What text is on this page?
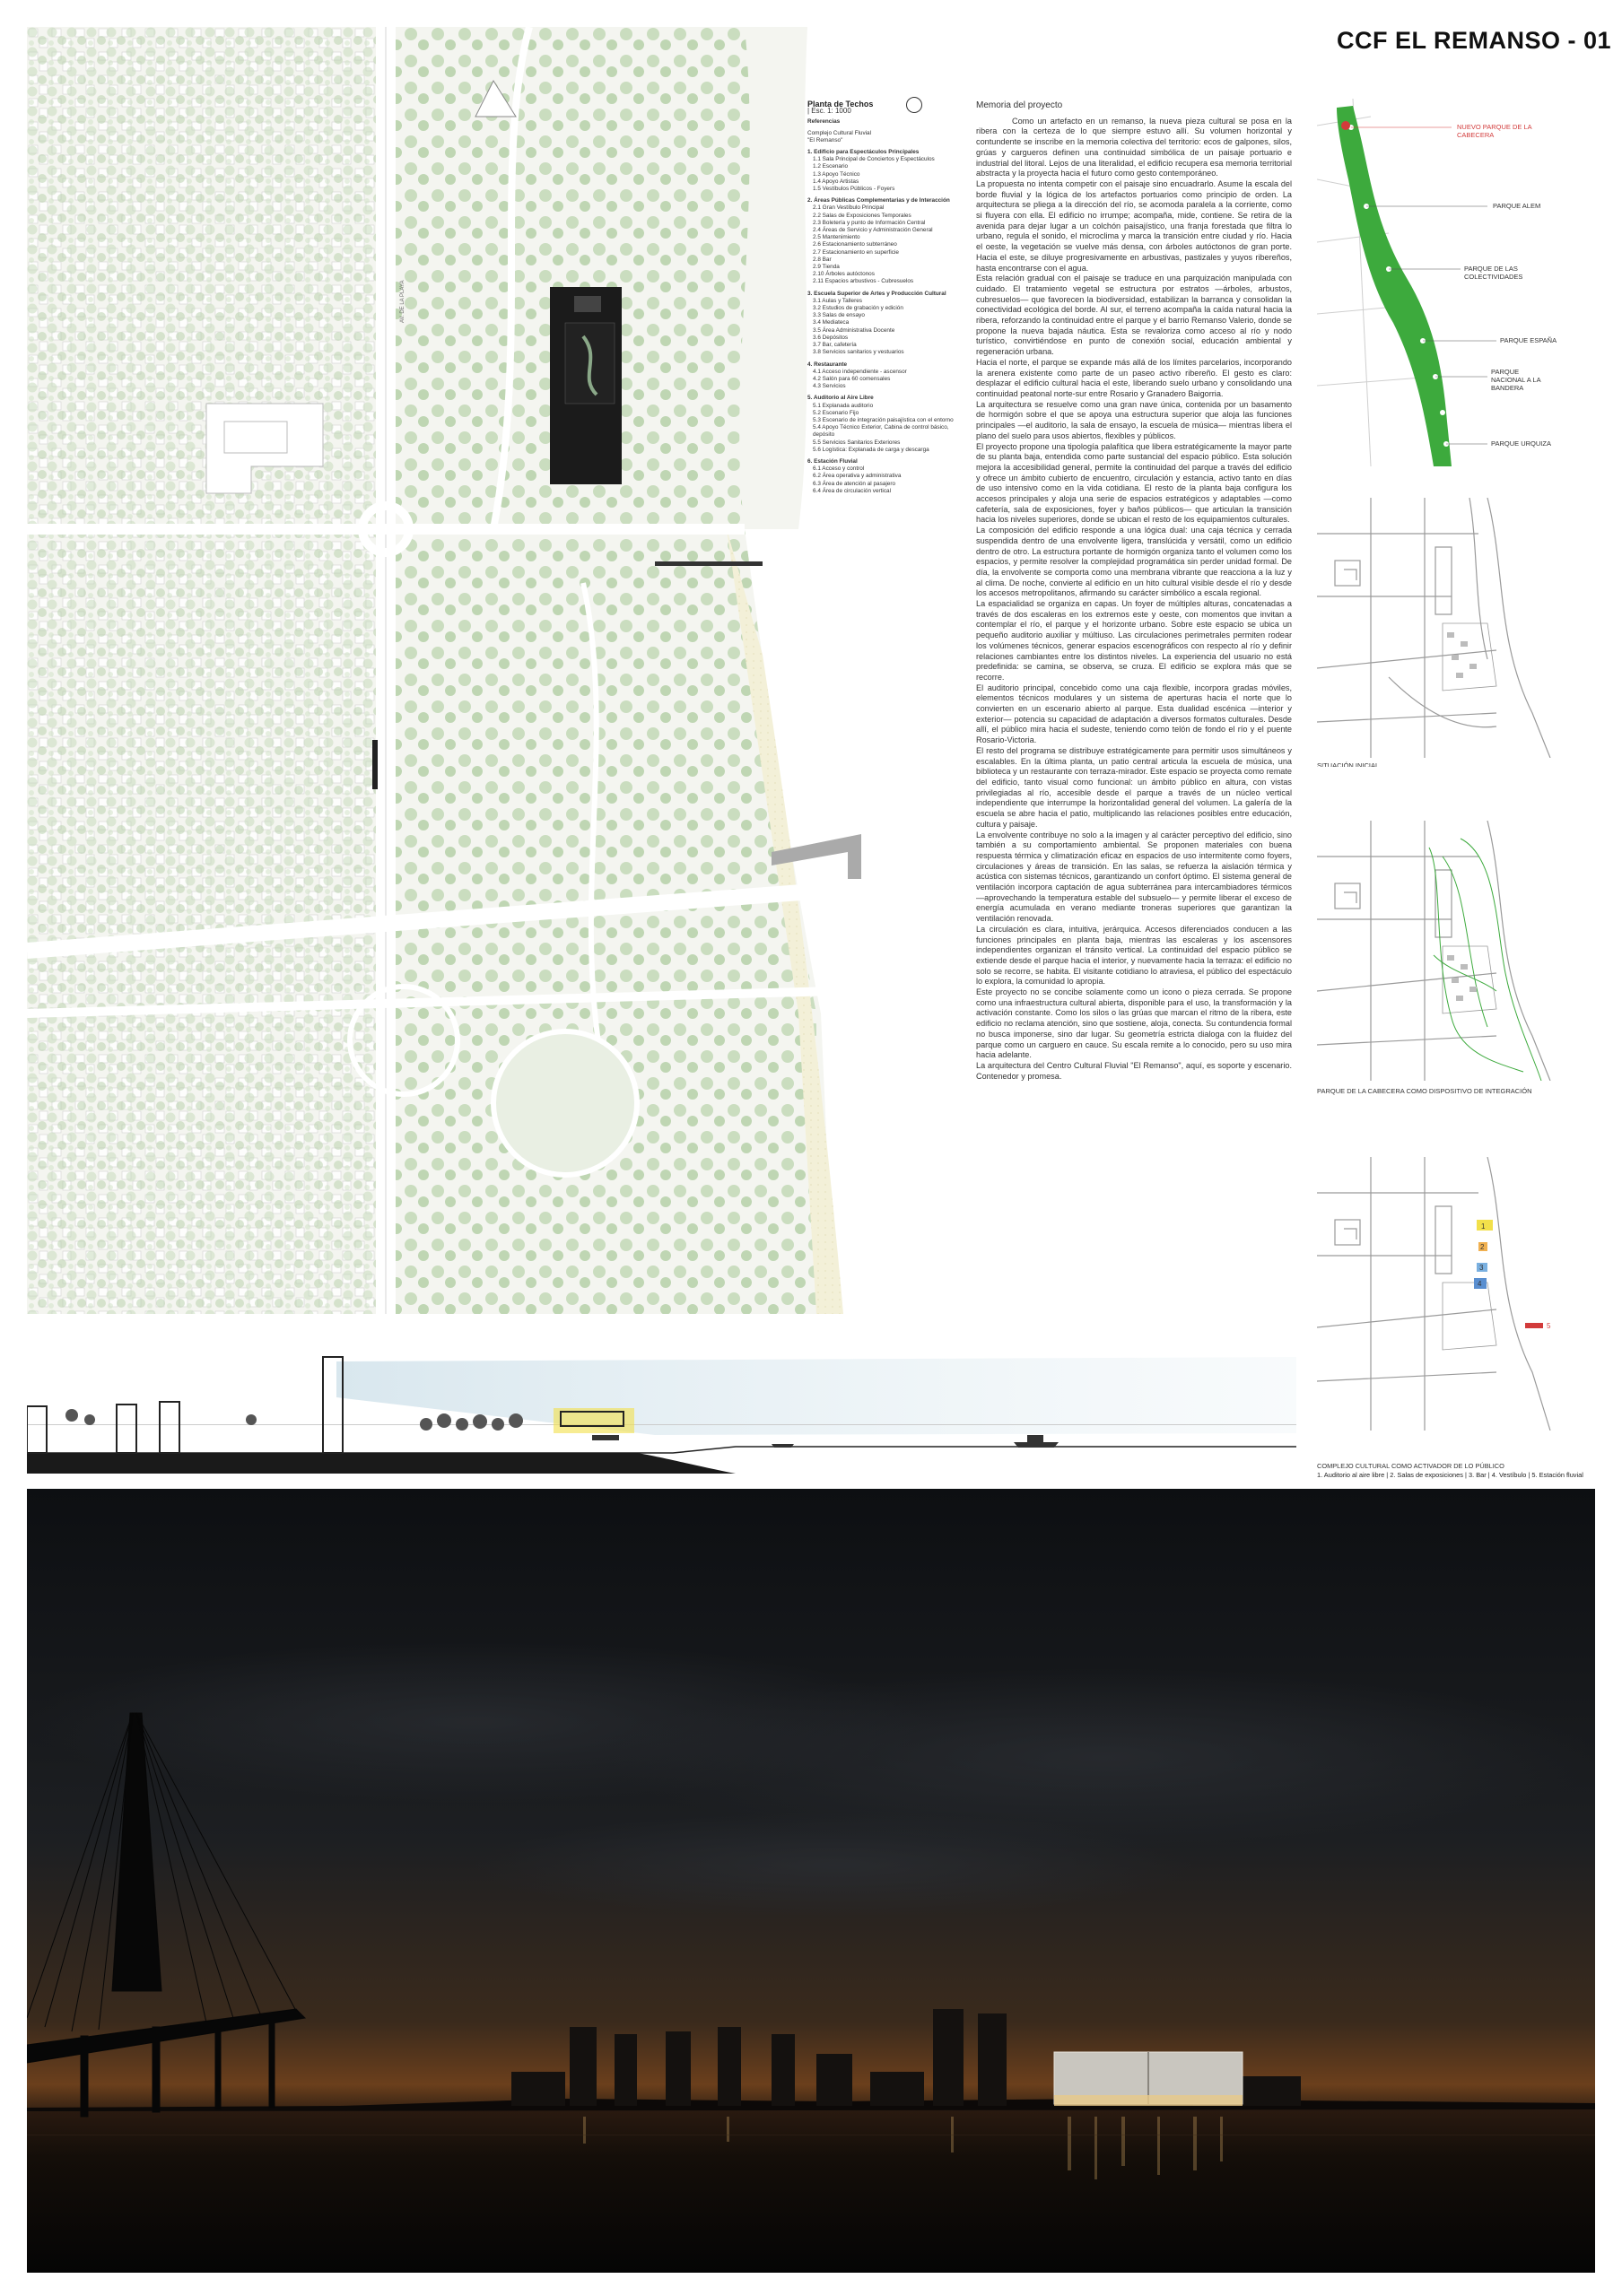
CCF EL REMANSO - 01
AV. DE LA PLAYA
Planta de Techos
| Esc. 1: 1000
Referencias
Complejo Cultural Fluvial
"El Remanso"
1. Edificio para Espectáculos Principales
1.1 Sala Principal de Conciertos y Espectáculos
1.2 Escenario
1.3 Apoyo Técnico
1.4 Apoyo Artistas
1.5 Vestíbulos Públicos - Foyers
2. Áreas Públicas Complementarias y de Interacción
2.1 Gran Vestíbulo Principal
2.2 Salas de Exposiciones Temporales
2.3 Boletería y punto de Información Central
2.4 Áreas de Servicio y Administración General
2.5 Mantenimiento
2.6 Estacionamiento subterráneo
2.7 Estacionamiento en superficie
2.8 Bar
2.9 Tienda
2.10 Árboles autóctonos
2.11 Espacios arbustivos - Cubresuelos
3. Escuela Superior de Artes y Producción Cultural
3.1 Aulas y Talleres
3.2 Estudios de grabación y edición
3.3 Salas de ensayo
3.4 Mediateca
3.5 Área Administrativa Docente
3.6 Depósitos
3.7 Bar, cafetería
3.8 Servicios sanitarios y vestuarios
4. Restaurante
4.1 Acceso independiente - ascensor
4.2 Salón para 60 comensales
4.3 Servicios
5. Auditorio al Aire Libre
5.1 Explanada auditorio
5.2 Escenario Fijo
5.3 Escenario de integración paisajística con el entorno
5.4 Apoyo Técnico Exterior, Cabina de control básico, depósito
5.5 Servicios Sanitarios Exteriores
5.6 Logística: Explanada de carga y descarga
6. Estación Fluvial
6.1 Acceso y control
6.2 Área operativa y administrativa
6.3 Área de atención al pasajero
6.4 Área de circulación vertical
Memoria del proyecto

Como un artefacto en un remanso, la nueva pieza cultural se posa en la ribera con la certeza de lo que siempre estuvo allí. Su volumen horizontal y contundente se inscribe en la memoria colectiva del territorio: ecos de galpones, silos, grúas y cargueros definen una continuidad simbólica de un paisaje portuario e industrial del litoral. Lejos de una literalidad, el edificio recupera esa memoria territorial abstracta y la proyecta hacia el futuro como gesto contemporáneo.

La propuesta no intenta competir con el paisaje sino encuadrarlo. Asume la escala del borde fluvial y la lógica de los artefactos portuarios como principio de orden. La arquitectura se pliega a la dirección del río, se acomoda paralela a la corriente, como si fluyera con ella. El edificio no irrumpe; acompaña, mide, contiene. Se retira de la avenida para dejar lugar a un colchón paisajístico, una franja forestada que filtra lo urbano, regula el sonido, el microclima y marca la transición entre ciudad y río. Hacia el oeste, la vegetación se vuelve más densa, con árboles autóctonos de gran porte. Hacia el este, se diluye progresivamente en arbustivas, pastizales y yuyos ribereños, hasta encontrarse con el agua.

Esta relación gradual con el paisaje se traduce en una parquización manipulada con cuidado. El tratamiento vegetal se estructura por estratos —árboles, arbustos, cubresuelos— que favorecen la biodiversidad, estabilizan la barranca y consolidan la conectividad ecológica del borde. Al sur, el terreno acompaña la caída natural hacia la ribera, reforzando la continuidad entre el parque y el barrio Remanso Valerio, donde se propone la nueva bajada náutica. Esta se revaloriza como acceso al río y nodo turístico, convirtiéndose en punto de conexión social, educación ambiental y regeneración urbana.

Hacia el norte, el parque se expande más allá de los límites parcelarios, incorporando la arenera existente como parte de un paseo activo ribereño. El gesto es claro: desplazar el edificio cultural hacia el este, liberando suelo urbano y consolidando una continuidad peatonal norte-sur entre Rosario y Granadero Baigorria.

La arquitectura se resuelve como una gran nave única, contenida por un basamento de hormigón sobre el que se apoya una estructura superior que aloja las funciones principales —el auditorio, la sala de ensayo, la escuela de música— mientras libera el plano del suelo para usos abiertos, flexibles y públicos.

El proyecto propone una tipología palafítica que libera estratégicamente la mayor parte de su planta baja, entendida como parte sustancial del espacio público. Esta solución mejora la accesibilidad general, permite la continuidad del parque a través del edificio y ofrece un ámbito cubierto de encuentro, circulación y estancia, activo tanto en días de uso intensivo como en la vida cotidiana. El resto de la planta baja configura los accesos principales y aloja una serie de espacios estratégicos y adaptables —como cafetería, sala de exposiciones, foyer y baños públicos— que articulan la transición hacia los niveles superiores, donde se ubican el resto de los equipamientos culturales.

La composición del edificio responde a una lógica dual: una caja técnica y cerrada suspendida dentro de una envolvente ligera, translúcida y versátil, como un edificio dentro de otro. La estructura portante de hormigón organiza tanto el volumen como los espacios, y permite resolver la complejidad programática sin perder unidad formal. De día, la envolvente se comporta como una membrana vibrante que reacciona a la luz y al clima. De noche, convierte al edificio en un hito cultural visible desde el río y desde los accesos metropolitanos, afirmando su carácter simbólico a escala regional.

La espacialidad se organiza en capas. Un foyer de múltiples alturas, concatenadas a través de dos escaleras en los extremos este y oeste, con momentos que invitan a contemplar el río, el parque y el horizonte urbano. Sobre este espacio se ubica un pequeño auditorio auxiliar y múltiuso. Las circulaciones perimetrales permiten rodear los volúmenes técnicos, generar espacios escenográficos con respecto al río y definir relaciones cambiantes entre los distintos niveles. La experiencia del usuario no está predefinida: se camina, se observa, se cruza. El edificio se explora más que se recorre.

El auditorio principal, concebido como una caja flexible, incorpora gradas móviles, elementos técnicos modulares y un sistema de aperturas hacia el norte que lo convierten en un escenario abierto al parque. Esta dualidad escénica —interior y exterior— potencia su capacidad de adaptación a diversos formatos culturales. Desde allí, el público mira hacia el sudeste, teniendo como telón de fondo el río y el puente Rosario-Victoria.

El resto del programa se distribuye estratégicamente para permitir usos simultáneos y escalables. En la última planta, un patio central articula la escuela de música, una biblioteca y un restaurante con terraza-mirador. Este espacio se proyecta como remate del edificio, tanto visual como funcional: un ámbito público en altura, con vistas privilegiadas al río, accesible desde el parque a través de un núcleo vertical independiente que interrumpe la horizontalidad general del volumen. La galería de la escuela se abre hacia el patio, multiplicando las relaciones posibles entre educación, cultura y paisaje.

La envolvente contribuye no solo a la imagen y al carácter perceptivo del edificio, sino también a su comportamiento ambiental. Se proponen materiales con buena respuesta térmica y climatización eficaz en espacios de uso intermitente como foyers, circulaciones y áreas de transición. En las salas, se refuerza la aislación térmica y acústica con sistemas técnicos, garantizando un confort óptimo. El sistema general de ventilación incorpora captación de agua subterránea para intercambiadores térmicos —aprovechando la temperatura estable del subsuelo— y permite liberar el exceso de energía acumulada en verano mediante troneras superiores que garantizan la ventilación renovada.

La circulación es clara, intuitiva, jerárquica. Accesos diferenciados conducen a las funciones principales en planta baja, mientras las escaleras y los ascensores independientes organizan el tránsito vertical. La continuidad del espacio público se extiende desde el parque hacia el interior, y nuevamente hacia la terraza: el edificio no solo se recorre, se habita. El visitante cotidiano lo atraviesa, el público del espectáculo lo explora, la comunidad lo apropia.

Este proyecto no se concibe solamente como un icono o pieza cerrada. Se propone como una infraestructura cultural abierta, disponible para el uso, la transformación y la activación constante. Como los silos o las grúas que marcan el ritmo de la ribera, este edificio no reclama atención, sino que sostiene, aloja, conecta. Su contundencia formal no busca imponerse, sino dar lugar. Su geometría estricta dialoga con la fluidez del parque como un carguero en cauce. Su escala remite a lo conocido, pero su uso mira hacia adelante.

La arquitectura del Centro Cultural Fluvial "El Remanso", aquí, es soporte y escenario. Contenedor y promesa.

NUEVO PARQUE DE LA CABECERA
PARQUE ALEM
PARQUE DE LAS COLECTIVIDADES
PARQUE ESPAÑA
PARQUE NACIONAL A LA BANDERA
PARQUE URQUIZA
SITUACIÓN INICIAL
PARQUE DE LA CABECERA COMO DISPOSITIVO DE INTEGRACIÓN
1
2
3
4
5
COMPLEJO CULTURAL COMO ACTIVADOR DE LO PÚBLICO
1. Auditorio al aire libre | 2. Salas de exposiciones | 3. Bar | 4. Vestíbulo | 5. Estación fluvial
